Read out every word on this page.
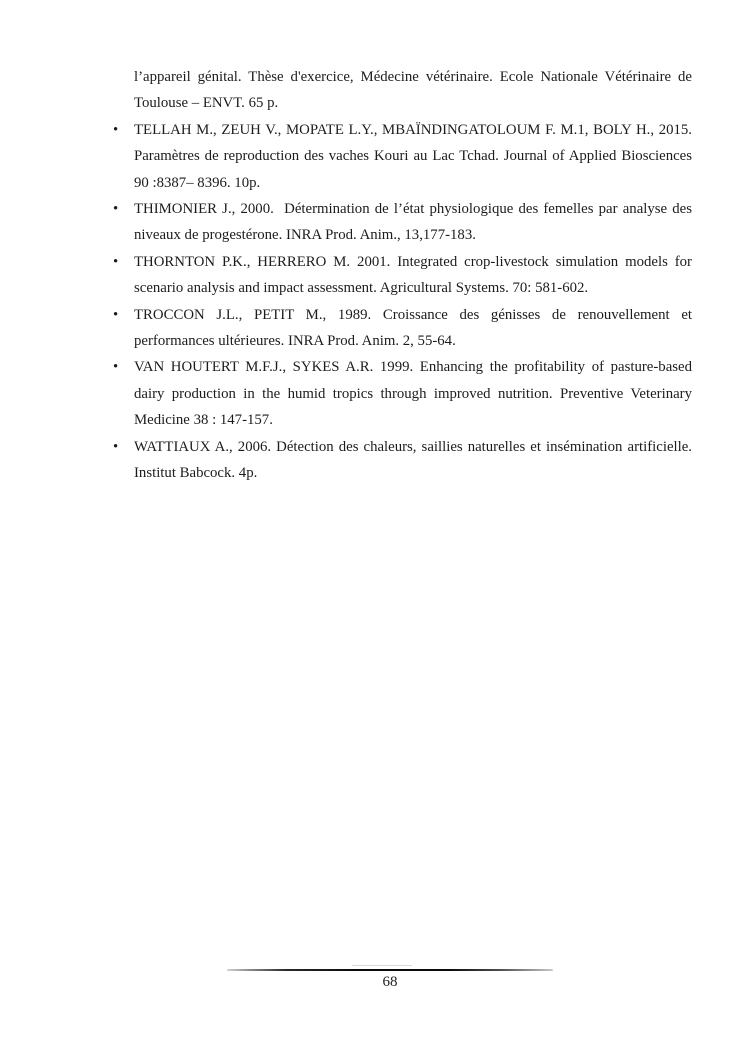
l’appareil génital. Thèse d'exercice, Médecine vétérinaire. Ecole Nationale Vétérinaire de Toulouse – ENVT. 65 p.

•	TELLAH M., ZEUH V., MOPATE L.Y., MBAÏNDINGATOLOUM F. M.1, BOLY H., 2015. Paramètres de reproduction des vaches Kouri au Lac Tchad. Journal of Applied Biosciences 90 :8387– 8396. 10p.
•	THIMONIER J., 2000.  Détermination de l’état physiologique des femelles par analyse des niveaux de progestérone. INRA Prod. Anim., 13,177-183.
•	THORNTON P.K., HERRERO M. 2001. Integrated crop-livestock simulation models for scenario analysis and impact assessment. Agricultural Systems. 70: 581-602.
•	TROCCON J.L., PETIT M., 1989. Croissance des génisses de renouvellement et performances ultérieures. INRA Prod. Anim. 2, 55-64.
•	VAN HOUTERT M.F.J., SYKES A.R. 1999. Enhancing the profitability of pasture-based dairy production in the humid tropics through improved nutrition. Preventive Veterinary Medicine 38 : 147-157.
•	WATTIAUX A., 2006. Détection des chaleurs, saillies naturelles et insémination artificielle. Institut Babcock. 4p.
68
